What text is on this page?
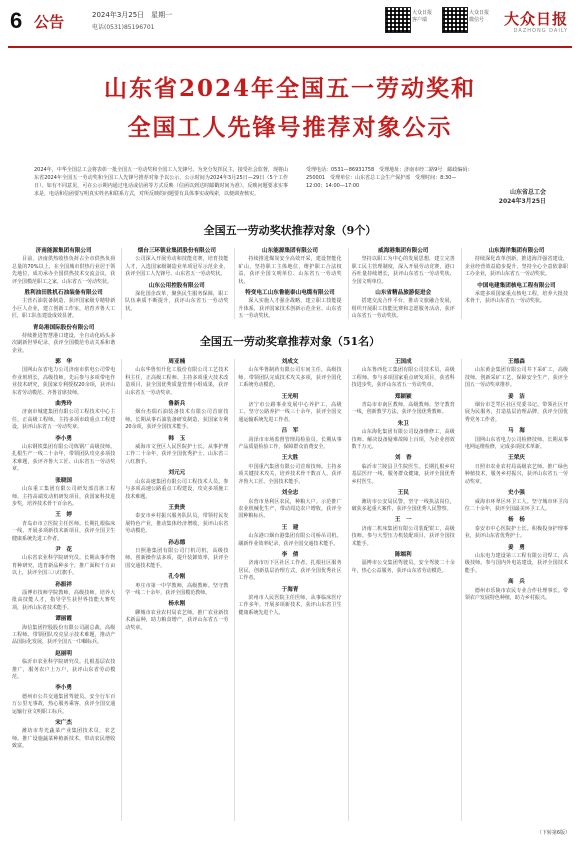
6 公告	2024年3月25日　星期一
电话(0531)85196701
大众日报 客户端
大众日报 微信号	大众日报
DAZHONG DAILY
山东省2024年全国五一劳动奖和
全国工人先锋号推荐对象公示
2024年，中华全国总工会将表彰一批全国五一劳动奖和全国工人先锋号。为充分发挥民主，接受社会监督，现将山东省2024年全国五一劳动奖和全国工人先锋号推荐对象予以公示，公示时间为2024年3月25日—29日（5个工作日）。如有不同意见，可在公示期内通过电话或信函等方式反映（信函以到达时邮戳时间为准）。反映问题要求实事求是，电话和信函要写明真实姓名和联系方式，对所反映的问题要有具体事实或线索，以便调查核实。
受理电话：0531—86931758　受理地址：济南市经二路9号　邮政编码：250001　受理单位：山东省总工会生产保护部　受理时间：8:30—12:00；14:00—17:00
山东省总工会
2024年3月25日
全国五一劳动奖状推荐对象（9个）
济南能源集团有限公司
目前，济南供热收热负荷占全市供热负荷总量的70%以上，在全国城市供热行业居于领先地位，成功承办全国供热技术交流会议，获评全国模范职工之家，山东省五一劳动奖状。
胜利油田胜机石油装备有限公司
主营石油装备制造，获评国家级专精特新小巨人企业，建立创新工作室，培育齐鲁大工匠，职工队伍建设成效显著。
青岛港国际股份有限公司
持续推进智慧港口建设，全自动化码头多次刷新世界纪录，获评全国模范劳动关系和谐企业。
烟台三环锁业集团股份有限公司
公司深入开展劳动和技能竞赛，培育技能人才，入选国家级制造业单项冠军示范企业，获评全国工人先锋号、山东省五一劳动奖状。
山东公用控股有限公司
深化国企改革，聚焦民生服务保障，职工队伍素质不断提升，获评山东省五一劳动奖状。
山东能源集团有限公司
持续推进煤炭安全高效开采，建设智能化矿山，坚持职工主体地位，维护职工合法权益，获评全国文明单位、山东省五一劳动奖状。
特变电工山东鲁能泰山电缆有限公司
深入实施人才强企战略，建立职工技能提升体系，获评国家技术创新示范企业、山东省五一劳动奖状。
威海港集团有限公司
坚持以职工为中心的发展思想，建立完善职工民主管理制度，深入开展劳动竞赛，港口吞吐量持续增长，获评山东省五一劳动奖状、全国文明单位。
山东省精品旅游促进会
搭建交流合作平台，推动文旅融合发展，组织开展职工技能比赛和志愿服务活动，获评山东省五一劳动奖状。
山东海洋集团有限公司
持续深化改革创新，推进海洋强省建设，企业经营效益稳步提升，坚持全心全意依靠职工办企业，获评山东省五一劳动奖状。
中国电建集团核电工程有限公司
承建多项国家重点核电工程，培养大批技术骨干，获评山东省五一劳动奖状。
全国五一劳动奖章推荐对象（51名）
郭　华
国网山东省电力公司济南市供电公司带电作业班班长，高级技师。先后参与多项带电作业技术研究，获国家专利授权20余项，获评山东省劳动模范、齐鲁首席技师。
曲秀玲
济南市城建集团有限公司工程技术中心主任，正高级工程师。主持多项市政重点工程建设，获评山东省五一劳动奖章。
李小勇
山东钢铁集团有限公司炼钢厂高级技师。扎根生产一线二十余年，带领团队攻克多项技术难题，获评齐鲁大工匠、山东省五一劳动奖章。
张晓国
山东重工集团有限公司研发部首席工程师。主持高端发动机研发项目，获国家科技进步奖，培养技术骨干百余名。
王　婷
青岛市市立医院主任医师。长期扎根临床一线，开展多项新技术新项目，获评全国卫生健康系统先进工作者。
尹　花
山东省农业科学院研究员。长期从事作物育种研究，选育新品种多个，推广面积千万亩以上，获评全国三八红旗手。
孙振祥
淄博市技师学院教师，高级技师。培养大批高技能人才，指导学生获世界技能大赛奖项，获评山东省技术能手。
谭丽霞
海信集团控股股份有限公司副总裁，高级工程师。带领团队攻克显示技术难题，推动产品国际化发展，获评全国五一巾帼标兵。
赵丽明
临沂市农业科学院研究员。扎根基层农技推广，服务农户上万户，获评山东省劳动模范。
李小勇
德州市公共交通集团驾驶员。安全行车百万公里无事故，热心服务乘客，获评全国交通运输行业文明职工标兵。
宋广杰
潍坊市寿光蔬菜产业集团技术员，农艺师。推广设施蔬菜种植新技术，带动农民增收致富。
周亚楠
山东华鲁恒升化工股份有限公司工艺技术科主任，正高级工程师。主持多项重大技术改造项目，获全国优秀质量管理小组成果，获评山东省五一劳动奖章。
鲁新兵
烟台杰瑞石油装备技术有限公司首席技师。长期从事石油装备研发制造，获国家专利20余项，获评全国技术能手。
韩　玉
威海市文登区人民医院护士长。从事护理工作二十余年，获评全国优秀护士、山东省三八红旗手。
刘元元
山东高速集团有限公司工程技术人员。参与多项高速公路重点工程建设，攻克多项施工技术难题。
王贵贵
泰安市乡村振兴服务队队员。带领村民发展特色产业，推动集体经济增收，获评山东省劳动模范。
孙志德
日照港集团有限公司门机司机，高级技师。创新操作法多项，提升装卸效率，获评全国交通技术能手。
孔令刚
枣庄市第一中学教师，高级教师。坚守教学一线二十余年，获评全国模范教师。
杨永刚
聊城市农业农村局农艺师。推广农业新技术新品种，助力粮食增产，获评山东省五一劳动奖章。
刘成文
山东华鲁制药有限公司车间主任，高级技师。带领团队完成技术攻关多项，获评全国化工系统劳动模范。
王光明
济宁市公路事业发展中心养护工，高级工。坚守公路养护一线三十余年，获评全国交通运输系统先进工作者。
吕　军
菏泽市市场监督管理局检验员。长期从事产品质量检验工作，保障群众消费安全。
王大胜
中国重汽集团有限公司首席技师。主持多项关键技术攻关，培养技术骨干数百人，获评齐鲁大工匠、全国技术能手。
刘全忠
东营市垦利区农民，种粮大户。示范推广农业机械化生产，带动周边农户增收，获评全国种粮标兵。
王　建
山东港口烟台港集团有限公司桥吊司机。刷新作业效率纪录，获评全国交通技术能手。
李　倩
济南市历下区社区工作者。扎根社区服务居民，创新基层治理方式，获评全国优秀社区工作者。
于海青
滨州市人民医院主任医师。从事临床医疗工作多年，开展多项新技术，获评山东省卫生健康系统先进个人。
王国成
山东鲁西化工集团有限公司技术员，高级工程师。参与多项国家重点研发项目，获省科技进步奖，获评山东省五一劳动奖章。
郑颖颖
青岛市市南区教师，高级教师。坚守教育一线，创新教学方法，获评全国优秀教师。
朱卫
山东海化集团有限公司设备维修工，高级技师。解决设备疑难故障上百项，为企业创效数千万元。
刘　香
临沂市兰陵县卫生院医生。长期扎根乡村基层医疗一线，服务群众健康，获评全国优秀乡村医生。
王民
潍坊市公安局民警。坚守一线执法岗位，破获多起重大案件，获评全国优秀人民警察。
王　一
济南二机床集团有限公司装配钳工，高级技师。参与大型压力机装配项目，获评全国技术能手。
陈端利
淄博市公交集团驾驶员。安全驾驶二十余年，热心公益服务，获评山东省劳动模范。
王德森
山东黄金集团有限公司井下采矿工，高级技师。创新采矿工艺，保障安全生产，获评全国五一劳动奖章推荐。
姜　洁
烟台市芝罘区社区党委书记。带领社区开展为民服务，打造基层治理品牌，获评全国优秀党务工作者。
马　海
国网山东省电力公司检修技师。长期从事电网运维检修，完成多项技术革新。
王荣庆
日照市农业农村局高级农艺师。推广绿色种植技术，服务乡村振兴，获评山东省五一劳动奖章。
史小强
威海市环翠区环卫工人。坚守城市环卫岗位二十余年，获评全国最美环卫工人。
杨　杨
泰安市中心医院护士长。积极投身护理事业，获评山东省优秀护士。
姜　勇
山东电力建设第三工程有限公司焊工，高级技师。参与国内外电站建设，获评全国技术能手。
高　兵
德州市乐陵市农民专业合作社理事长。带领农户发展特色种植，助力乡村振兴。
（下转第6版）
